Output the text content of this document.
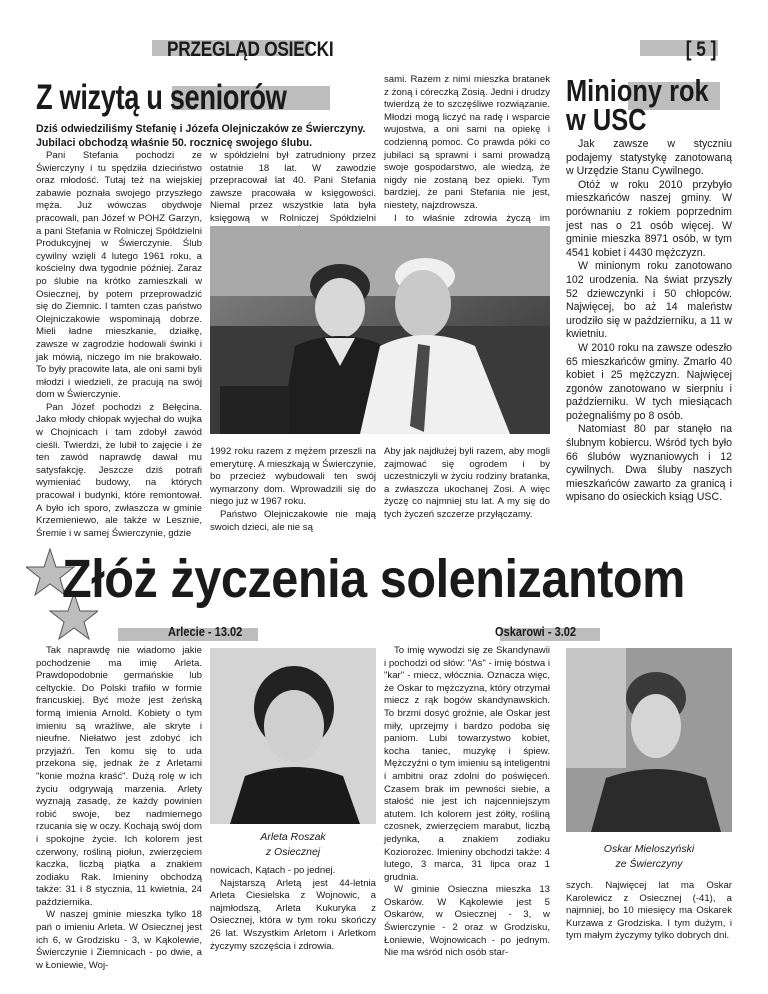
PRZEGLĄD OSIECKI	[ 5 ]
Z wizytą u seniorów
Dziś odwiedziliśmy Stefanię i Józefa Olejniczaków ze Świerczyny. Jubilaci obchodzą właśnie 50. rocznicę swojego ślubu.

Pani Stefania pochodzi ze Świerczyny i tu spędziła dzieciństwo oraz młodość. Tutaj też na wiejskiej zabawie poznała swojego przyszłego męża. Już wówczas obydwoje pracowali, pan Józef w POHZ Garzyn, a pani Stefania w Rolniczej Spółdzielni Produkcyjnej w Świerczynie. Ślub cywilny wzięli 4 lutego 1961 roku, a kościelny dwa tygodnie później. Zaraz po ślubie na krótko zamieszkali w Osiecznej, by potem przeprowadzić się do Ziemnic. I tamten czas państwo Olejniczakowie wspominają dobrze. Mieli ładne mieszkanie, działkę, zawsze w zagrodzie hodowali świnki i jak mówią, niczego im nie brakowało. To były pracowite lata, ale oni sami byli młodzi i wiedzieli, że pracują na swój dom w Świerczynie.

Pan Józef pochodzi z Bełęcina. Jako młody chłopak wyjechał do wujka w Chojnicach i tam zdobył zawód cieśli. Twierdzi, że lubił to zajęcie i że ten zawód naprawdę dawał mu satysfakcję. Jeszcze dziś potrafi wymieniać budowy, na których pracował i budynki, które remontował. A było ich sporo, zwłaszcza w gminie Krzemieniewo, ale także w Lesznie, Śremie i w samej Świerczynie, gdzie

w spółdzielni był zatrudniony przez ostatnie 18 lat. W zawodzie przepracował lat 40. Pani Stefania zawsze pracowała w księgowości. Niemal przez wszystkie lata była księgową w Rolniczej Spółdzielni

sami. Razem z nimi mieszka bratanek z żoną i córeczką Zosią. Jedni i drudzy twierdzą że to szczęśliwe rozwiązanie. Młodzi mogą liczyć na radę i wsparcie wujostwa, a oni sami na opiekę i codzienną pomoc. Co prawda póki co jubilaci są sprawni i sami prowadzą swoje gospodarstwo, ale wiedzą, że nigdy nie zostaną bez opieki. Tym bardziej, że pani Stefania nie jest, niestety, najzdrowsza.

I to właśnie zdrowia życzą im

1992 roku razem z mężem przeszli na emeryturę. A mieszkają w Świerczynie, bo przecież wybudowali ten swój wymarzony dom. Wprowadzili się do niego już w 1967 roku.

Państwo Olejniczakowie nie mają swoich dzieci, ale nie są

Aby jak najdłużej byli razem, aby mogli zajmować się ogrodem i by uczestniczyli w życiu rodziny bratanka, a zwłaszcza ukochanej Zosi. A więc życzę co najmniej stu lat. A my się do tych życzeń szczerze przyłączamy.

Miniony rok
w USC

Jak zawsze w styczniu podajemy statystykę zanotowaną w Urzędzie Stanu Cywilnego.

Otóż w roku 2010 przybyło mieszkańców naszej gminy. W porównaniu z rokiem poprzednim jest nas o 21 osób więcej. W gminie mieszka 8971 osób, w tym 4541 kobiet i 4430 mężczyzn.

W minionym roku zanotowano 102 urodzenia. Na świat przyszły 52 dziewczynki i 50 chłopców. Najwięcej, bo aż 14 maleństw urodziło się w październiku, a 11 w kwietniu.

W 2010 roku na zawsze odeszło 65 mieszkańców gminy. Zmarło 40 kobiet i 25 mężczyzn. Najwięcej zgonów zanotowano w sierpniu i październiku. W tych miesiącach pożegnaliśmy po 8 osób.

Natomiast 80 par stanęło na ślubnym kobiercu. Wśród tych było 66 ślubów wyznaniowych i 12 cywilnych. Dwa śluby naszych mieszkańców zawarto za granicą i wpisano do osieckich ksiąg USC.

Złóż życzenia solenizantom
Arlecie - 13.02	Oskarowi - 3.02

Tak naprawdę nie wiadomo jakie pochodzenie ma imię Arleta. Prawdopodobnie germańskie lub celtyckie. Do Polski trafiło w formie francuskiej. Być może jest żeńską formą imienia Arnold. Kobiety o tym imieniu są wrażliwe, ale skryte i nieufne. Niełatwo jest zdobyć ich przyjaźń. Ten komu się to uda przekona się, jednak że z Arletami "konie można kraść". Dużą rolę w ich życiu odgrywają marzenia. Arlety wyznają zasadę, że każdy powinien robić swoje, bez nadmiernego rzucania się w oczy. Kochają swój dom i spokojne życie. Ich kolorem jest czerwony, rośliną piołun, zwierzęciem kaczka, liczbą piątka a znakiem zodiaku Rak. Imieniny obchodzą także: 31 i 8 stycznia, 11 kwietnia, 24 października.

W naszej gminie mieszka tylko 18 pań o imieniu Arleta. W Osiecznej jest ich 6, w Grodzisku - 3, w Kąkolewie, Świerczynie i Ziemnicach - po dwie, a w Łoniewie, Woj-

Arleta Roszak
z Osiecznej

nowicach, Kątach - po jednej.

Najstarszą Arletą jest 44-letnia Arleta Ciesielska z Wojnowic, a najmłodszą, Arleta Kukuryka z Osiecznej, która w tym roku skończy 26 lat. Wszystkim Arletom i Arletkom życzymy szczęścia i zdrowia.

To imię wywodzi się ze Skandynawii i pochodzi od słów: "As" - imię bóstwa i "kar" - miecz, włócznia. Oznacza więc, że Oskar to mężczyzna, który otrzymał miecz z rąk bogów skandynawskich. To brzmi dosyć groźnie, ale Oskar jest miły, uprzejmy i bardzo podoba się paniom. Lubi towarzystwo kobiet, kocha taniec, muzykę i śpiew. Mężczyźni o tym imieniu są inteligentni i ambitni oraz zdolni do poświęceń. Czasem brak im pewności siebie, a stałość nie jest ich najcenniejszym atutem. Ich kolorem jest żółty, rośliną czosnek, zwierzęciem marabut, liczbą jedynka, a znakiem zodiaku Koziorożec. Imieniny obchodzi także: 4 lutego, 3 marca, 31 lipca oraz 1 grudnia.

W gminie Osieczna mieszka 13 Oskarów. W Kąkolewie jest 5 Oskarów, w Osiecznej - 3, w Świerczynie - 2 oraz w Grodzisku, Łoniewie, Wojnowicach - po jednym. Nie ma wśród nich osób star-

Oskar Mieloszyński
ze Świerczyny

szych. Najwięcej lat ma Oskar Karolewicz z Osiecznej (-41), a najmniej, bo 10 miesięcy ma Oskarek Kurzawa z Grodziska. I tym dużym, i tym małym życzymy tylko dobrych dni.
